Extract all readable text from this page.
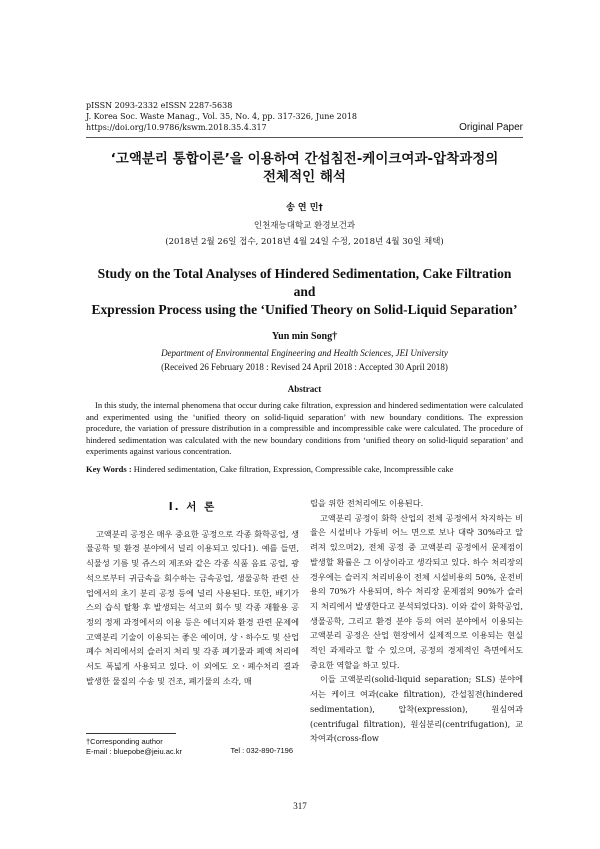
pISSN 2093-2332 eISSN 2287-5638
J. Korea Soc. Waste Manag., Vol. 35, No. 4, pp. 317-326, June 2018
https://doi.org/10.9786/kswm.2018.35.4.317	Original Paper
‘고액분리 통합이론’을 이용하여 간섭침전-케이크여과-압착과정의
전체적인 해석
송 연 민†
인천재능대학교 환경보건과
(2018년 2월 26일 접수, 2018년 4월 24일 수정, 2018년 4월 30일 채택)
Study on the Total Analyses of Hindered Sedimentation, Cake Filtration and
Expression Process using the ‘Unified Theory on Solid-Liquid Separation’
Yun min Song†
Department of Environmental Engineering and Health Sciences, JEI University
(Received 26 February 2018 : Revised 24 April 2018 : Accepted 30 April 2018)
Abstract
In this study, the internal phenomena that occur during cake filtration, expression and hindered sedimentation were calculated and experimented using the ‘unified theory on solid-liquid separation’ with new boundary conditions. The expression procedure, the variation of pressure distribution in a compressible and incompressible cake were calculated. The procedure of hindered sedimentation was calculated with the new boundary conditions from ‘unified theory on solid-liquid separation’ and experiments against various concentration.
Key Words : Hindered sedimentation, Cake filtration, Expression, Compressible cake, Incompressible cake
I. 서 론

고액분리 공정은 매우 중요한 공정으로 각종 화학공업, 생물공학 및 환경 분야에서 널리 이용되고 있다1). 예를 들면, 식물성 기름 및 쥬스의 제조와 같은 각종 식품 음료 공업, 광석으로부터 귀금속을 회수하는 금속공업, 생물공학 관련 산업에서의 초기 분리 공정 등에 널리 사용된다. 또한, 배기가스의 습식 탈황 후 발생되는 석고의 회수 및 각종 재활용 공정의 정제 과정에서의 이용 등은 에너지와 환경 관련 문제에 고액분리 기술이 이용되는 좋은 예이며, 상ㆍ하수도 및 산업 폐수 처리에서의 슬러지 처리 및 각종 폐기물과 폐액 처리에서도 폭넓게 사용되고 있다. 이 외에도 오ㆍ폐수처리 결과 발생한 물질의 수송 및 건조, 폐기물의 소각, 매

립을 위한 전처리에도 이용된다.

고액분리 공정이 화학 산업의 전체 공정에서 차지하는 비율은 시설비나 가동비 어느 면으로 보나 대략 30%라고 알려져 있으며2), 전체 공정 중 고액분리 공정에서 문제점이 발생할 확률은 그 이상이라고 생각되고 있다. 하수 처리장의 경우에는 슬러지 처리비용이 전체 시설비용의 50%, 운전비용의 70%가 사용되며, 하수 처리장 문제점의 90%가 슬러지 처리에서 발생한다고 분석되었다3). 이와 같이 화학공업, 생물공학, 그리고 환경 분야 등의 여러 분야에서 이용되는 고액분리 공정은 산업 현장에서 실제적으로 이용되는 현실적인 과제라고 할 수 있으며, 공정의 경제적인 측면에서도 중요한 역할을 하고 있다.

이들 고액분리(solid-liquid separation; SLS) 분야에서는 케이크 여과(cake filtration), 간섭침전(hindered sedimentation), 압착(expression), 원심여과(centrifugal filtration), 원심분리(centrifugation), 교차여과(cross-flow

†Corresponding author
E-mail : bluepobe@jeiu.ac.kr	Tel : 032-890-7196
317
